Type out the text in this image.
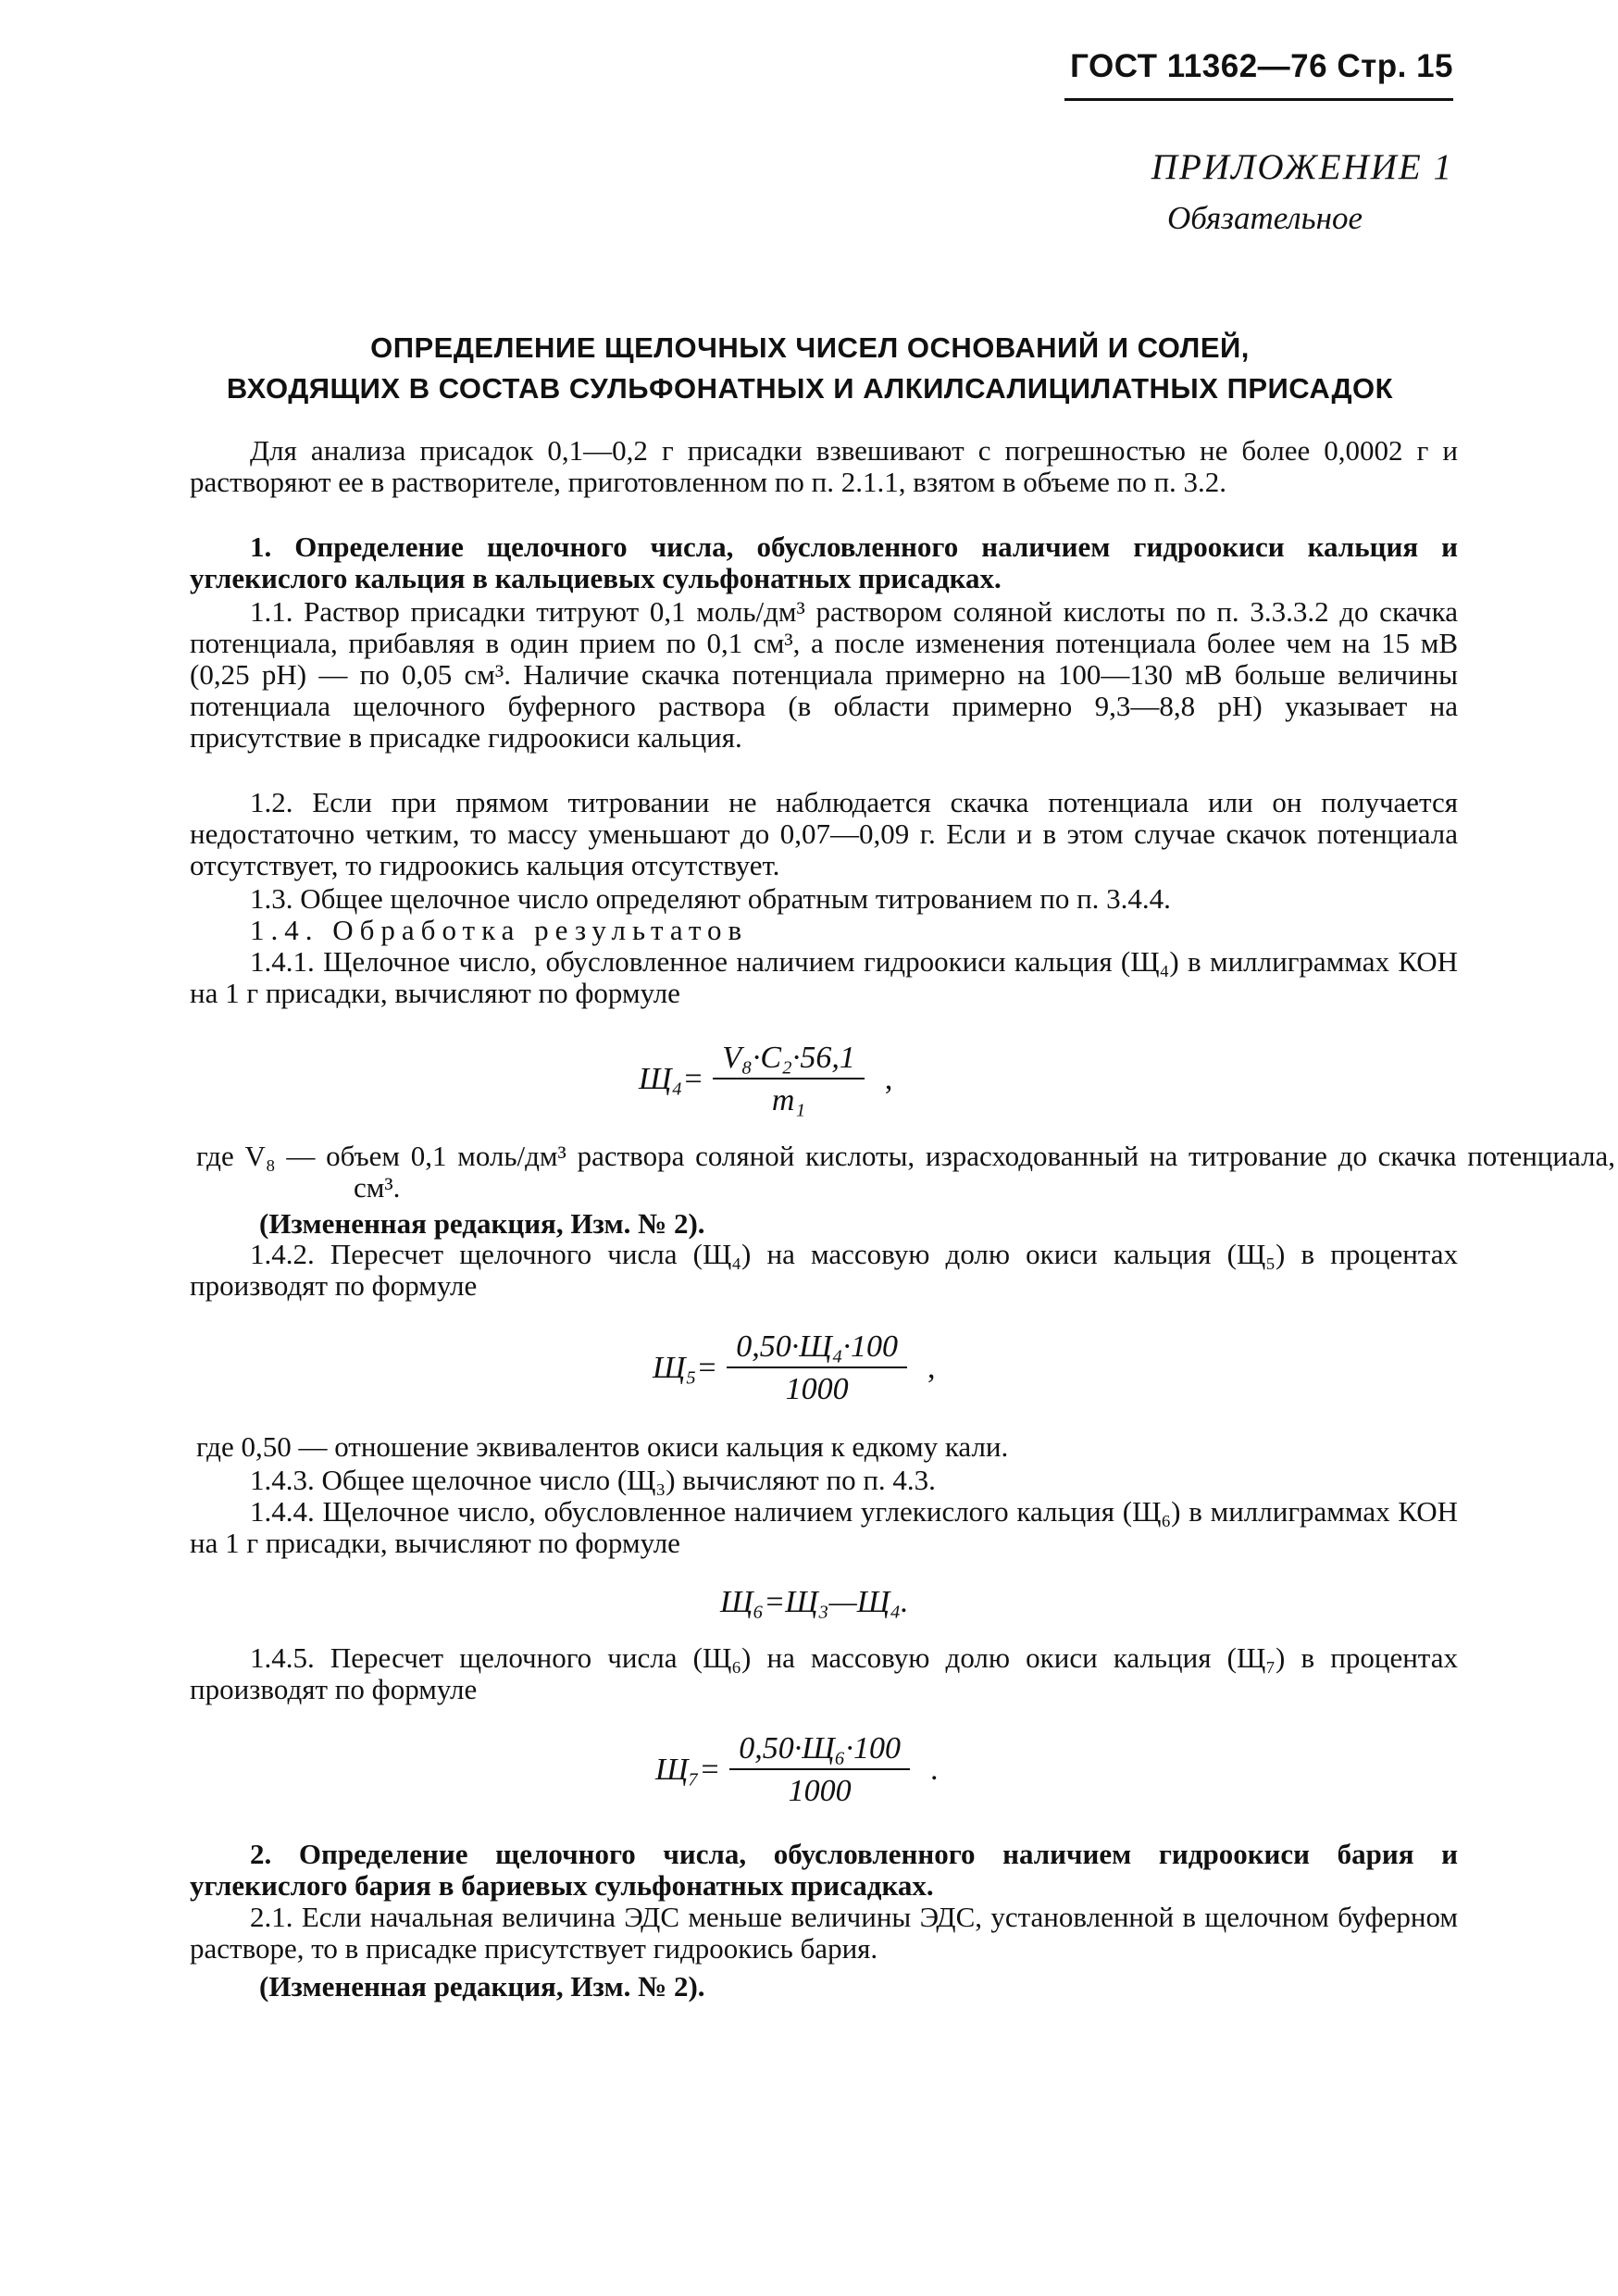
ГОСТ 11362—76 Стр. 15
ПРИЛОЖЕНИЕ 1
Обязательное
ОПРЕДЕЛЕНИЕ ЩЕЛОЧНЫХ ЧИСЕЛ ОСНОВАНИЙ И СОЛЕЙ,
ВХОДЯЩИХ В СОСТАВ СУЛЬФОНАТНЫХ И АЛКИЛСАЛИЦИЛАТНЫХ ПРИСАДОК
Для анализа присадок 0,1—0,2 г присадки взвешивают с погрешностью не более 0,0002 г и растворяют ее в растворителе, приготовленном по п. 2.1.1, взятом в объеме по п. 3.2.
1. Определение щелочного числа, обусловленного наличием гидроокиси кальция и углекислого кальция в кальциевых сульфонатных присадках.
1.1. Раствор присадки титруют 0,1 моль/дм³ раствором соляной кислоты по п. 3.3.3.2 до скачка потенциала, прибавляя в один прием по 0,1 см³, а после изменения потенциала более чем на 15 мВ (0,25 pH) — по 0,05 см³. Наличие скачка потенциала примерно на 100—130 мВ больше величины потенциала щелочного буферного раствора (в области примерно 9,3—8,8 pH) указывает на присутствие в присадке гидроокиси кальция.
1.2. Если при прямом титровании не наблюдается скачка потенциала или он получается недостаточно четким, то массу уменьшают до 0,07—0,09 г. Если и в этом случае скачок потенциала отсутствует, то гидроокись кальция отсутствует.
1.3. Общее щелочное число определяют обратным титрованием по п. 3.4.4.
1.4. Обработка результатов
1.4.1. Щелочное число, обусловленное наличием гидроокиси кальция (Щ₄) в миллиграммах КОН на 1 г присадки, вычисляют по формуле
$Щ_4= \frac{\text{V₈·C₂·56,1}}{\text{m₁}}$ ,
где V₈ — объем 0,1 моль/дм³ раствора соляной кислоты, израсходованный на титрование до скачка потенциала, см³.
(Измененная редакция, Изм. № 2).
1.4.2. Пересчет щелочного числа (Щ₄) на массовую долю окиси кальция (Щ₅) в процентах производят по формуле
$Щ_5= \frac{\text{0,50·Щ₄·100}}{1000}$ ,
где 0,50 — отношение эквивалентов окиси кальция к едкому кали.
1.4.3. Общее щелочное число (Щ₃) вычисляют по п. 4.3.
1.4.4. Щелочное число, обусловленное наличием углекислого кальция (Щ₆) в миллиграммах КОН на 1 г присадки, вычисляют по формуле
Щ₆=Щ₃—Щ₄.
1.4.5. Пересчет щелочного числа (Щ₆) на массовую долю окиси кальция (Щ₇) в процентах производят по формуле
$Щ_7= \frac{\text{0,50·Щ₆·100}}{1000}$ .
2. Определение щелочного числа, обусловленного наличием гидроокиси бария и углекислого бария в бариевых сульфонатных присадках.
2.1. Если начальная величина ЭДС меньше величины ЭДС, установленной в щелочном буферном растворе, то в присадке присутствует гидроокись бария.
(Измененная редакция, Изм. № 2).
